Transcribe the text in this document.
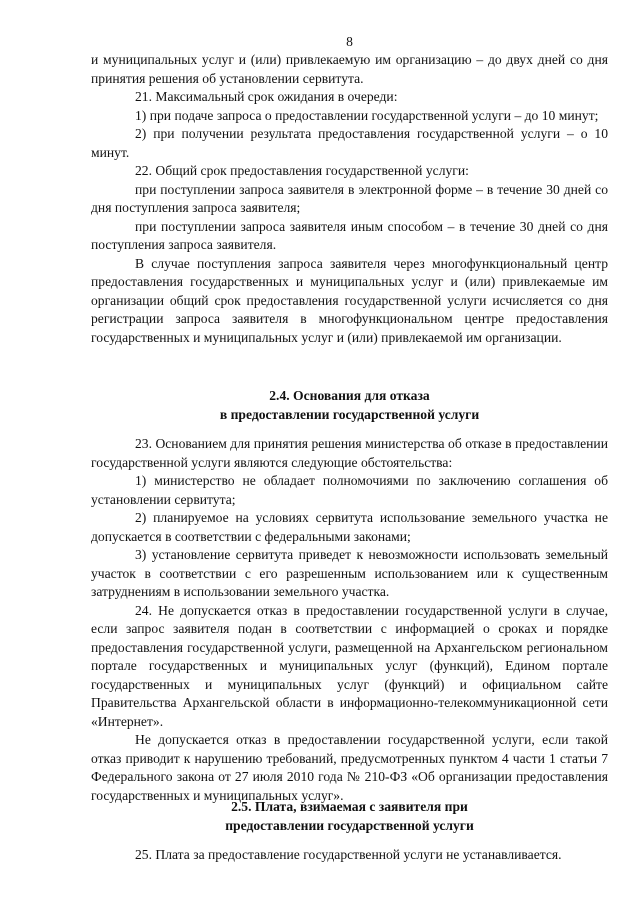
8

и муниципальных услуг и (или) привлекаемую им организацию – до двух дней со дня принятия решения об установлении сервитута.

21. Максимальный срок ожидания в очереди:

1) при подаче запроса о предоставлении государственной услуги – до 10 минут;

2) при получении результата предоставления государственной услуги – о 10 минут.

22. Общий срок предоставления государственной услуги:

при поступлении запроса заявителя в электронной форме – в течение 30 дней со дня поступления запроса заявителя;

при поступлении запроса заявителя иным способом – в течение 30 дней со дня поступления запроса заявителя.

В случае поступления запроса заявителя через многофункциональный центр предоставления государственных и муниципальных услуг и (или) привлекаемые им организации общий срок предоставления государственной услуги исчисляется со дня регистрации запроса заявителя в многофункциональном центре предоставления государственных и муниципальных услуг и (или) привлекаемой им организации.

2.4. Основания для отказа
в предоставлении государственной услуги

23. Основанием для принятия решения министерства об отказе в предоставлении государственной услуги являются следующие обстоятельства:

1) министерство не обладает полномочиями по заключению соглашения об установлении сервитута;

2) планируемое на условиях сервитута использование земельного участка не допускается в соответствии с федеральными законами;

3) установление сервитута приведет к невозможности использовать земельный участок в соответствии с его разрешенным использованием или к существенным затруднениям в использовании земельного участка.

24. Не допускается отказ в предоставлении государственной услуги в случае, если запрос заявителя подан в соответствии с информацией о сроках и порядке предоставления государственной услуги, размещенной на Архангельском региональном портале государственных и муниципальных услуг (функций), Едином портале государственных и муниципальных услуг (функций) и официальном сайте Правительства Архангельской области в информационно-телекоммуникационной сети «Интернет».

Не допускается отказ в предоставлении государственной услуги, если такой отказ приводит к нарушению требований, предусмотренных пунктом 4 части 1 статьи 7 Федерального закона от 27 июля 2010 года № 210-ФЗ «Об организации предоставления государственных и муниципальных услуг».

2.5. Плата, взимаемая с заявителя при
предоставлении государственной услуги

25. Плата за предоставление государственной услуги не устанавливается.
